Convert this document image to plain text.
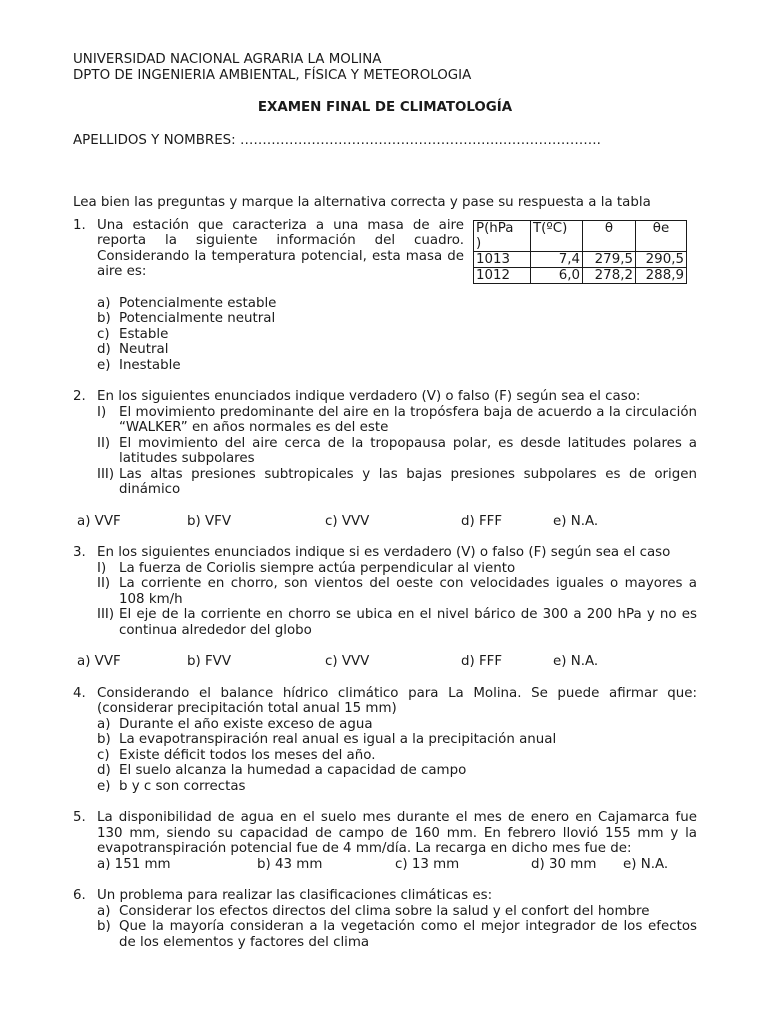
UNIVERSIDAD NACIONAL AGRARIA LA MOLINA
DPTO DE INGENIERIA AMBIENTAL, FÍSICA Y METEOROLOGIA
EXAMEN FINAL DE CLIMATOLOGÍA
APELLIDOS Y NOMBRES: …………………………………………………..………………….
Lea bien las preguntas y marque la alternativa correcta y pase su respuesta a la tabla
1. Una estación que caracteriza a una masa de aire reporta la siguiente información del cuadro. Considerando la temperatura potencial, esta masa de aire es:
a) Potencialmente estable
b) Potencialmente neutral
c) Estable
d) Neutral
e) Inestable
P(hPa
)	T(ºC)	θ	θe
1013	7,4	279,5	290,5
1012	6,0	278,2	288,9
2. En los siguientes enunciados indique verdadero (V) o falso (F) según sea el caso:
I) El movimiento predominante del aire en la tropósfera baja de acuerdo a la circulación “WALKER” en años normales es del este
II) El movimiento del aire cerca de la tropopausa polar, es desde latitudes polares a latitudes subpolares
III) Las altas presiones subtropicales y las bajas presiones subpolares es de origen dinámico
a) VVF	b) VFV	c) VVV	d) FFF	e) N.A.
3. En los siguientes enunciados indique si es verdadero (V) o falso (F) según sea el caso
I) La fuerza de Coriolis siempre actúa perpendicular al viento
II) La corriente en chorro, son vientos del oeste con velocidades iguales o mayores a 108 km/h
III) El eje de la corriente en chorro se ubica en el nivel bárico de 300 a 200 hPa y no es continua alrededor del globo
a) VVF	b) FVV	c) VVV	d) FFF	e) N.A.
4. Considerando el balance hídrico climático para La Molina. Se puede afirmar que: (considerar precipitación total anual 15 mm)
a) Durante el año existe exceso de agua
b) La evapotranspiración real anual es igual a la precipitación anual
c) Existe déficit todos los meses del año.
d) El suelo alcanza la humedad a capacidad de campo
e) b y c son correctas
5. La disponibilidad de agua en el suelo mes durante el mes de enero en Cajamarca fue 130 mm, siendo su capacidad de campo de 160 mm. En febrero llovió 155 mm y la evapotranspiración potencial fue de 4 mm/día. La recarga en dicho mes fue de:
a) 151 mm	b) 43 mm	c) 13 mm	d) 30 mm	e) N.A.
6. Un problema para realizar las clasificaciones climáticas es:
a) Considerar los efectos directos del clima sobre la salud y el confort del hombre
b) Que la mayoría consideran a la vegetación como el mejor integrador de los efectos de los elementos y factores del clima
